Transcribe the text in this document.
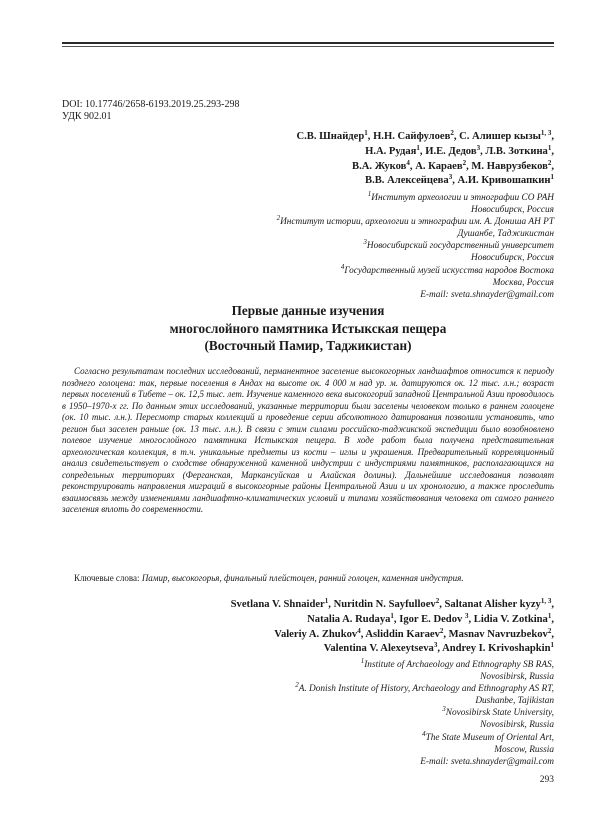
DOI: 10.17746/2658-6193.2019.25.293-298
УДК 902.01

С.В. Шнайдер$^1$, Н.Н. Сайфулоев$^2$, С. Алишер кызы$^{1, 3}$,

Н.А. Рудая$^1$, И.Е. Дедов$^3$, Л.В. Зоткина$^1$,

В.А. Жуков$^4$, А. Караев$^2$, М. Наврузбеков$^2$,

В.В. Алексейцева$^3$, А.И. Кривошапкин$^1$

$^1$Институт археологии и этнографии СО РАН

Новосибирск, Россия

$^2$Институт истории, археологии и этнографии им. А. Дониша АН РТ

Душанбе, Таджикистан

$^3$Новосибирский государственный университет

Новосибирск, Россия

$^4$Государственный музей искусства народов Востока

Москва, Россия

E-mail: sveta.shnayder@gmail.com

Первые данные изучения

многослойного памятника Истыкская пещера

(Восточный Памир, Таджикистан)

Согласно результатам последних исследований, перманентное заселение высокогорных ландшафтов относится к периоду позднего голоцена: так, первые поселения в Андах на высоте ок. 4 000 м над ур. м. датируются ок. 12 тыс. л.н.; возраст первых поселений в Тибете – ок. 12,5 тыс. лет. Изучение каменного века высокогорий западной Центральной Азии проводилось в 1950–1970-х гг. По данным этих исследований, указанные территории были заселены человеком только в раннем голоцене (ок. 10 тыс. л.н.). Пересмотр старых коллекций и проведение серии абсолютного датирования позволили установить, что регион был заселен раньше (ок. 13 тыс. л.н.). В связи с этим силами российско-таджикской экспедиции было возобновлено полевое изучение многослойного памятника Истыкская пещера. В ходе работ была получена представительная археологическая коллекция, в т.ч. уникальные предметы из кости – иглы и украшения. Предварительный корреляционный анализ свидетельствует о сходстве обнаруженной каменной индустрии с индустриями памятников, располагающихся на сопредельных территориях (Ферганская, Маркансуйская и Алайская долины). Дальнейшие исследования позволят реконструировать направления миграций в высокогорные районы Центральной Азии и их хронологию, а также проследить взаимосвязь между изменениями ландшафтно-климатических условий и типами хозяйствования человека от самого раннего заселения вплоть до современности.

Ключевые слова: Памир, высокогорья, финальный плейстоцен, ранний голоцен, каменная индустрия.

Svetlana V. Shnaider$^1$, Nuritdin N. Sayfulloev$^2$, Saltanat Alisher kyzy$^{1, 3}$,

Natalia A. Rudaya$^1$, Igor E. Dedov $^3$, Lidia V. Zotkina$^1$,

Valeriy A. Zhukov$^4$, Asliddin Karaev$^2$, Masnav Navruzbekov$^2$,

Valentina V. Alexeytseva$^3$, Andrey I. Krivoshapkin$^1$

$^1$Institute of Archaeology and Ethnography SB RAS,

Novosibirsk, Russia

$^2$A. Donish Institute of History, Archaeology and Ethnography AS RT,

Dushanbe, Tajikistan

$^3$Novosibirsk State University,

Novosibirsk, Russia

$^4$The State Museum of Oriental Art,

Moscow, Russia

E-mail: sveta.shnayder@gmail.com

293
